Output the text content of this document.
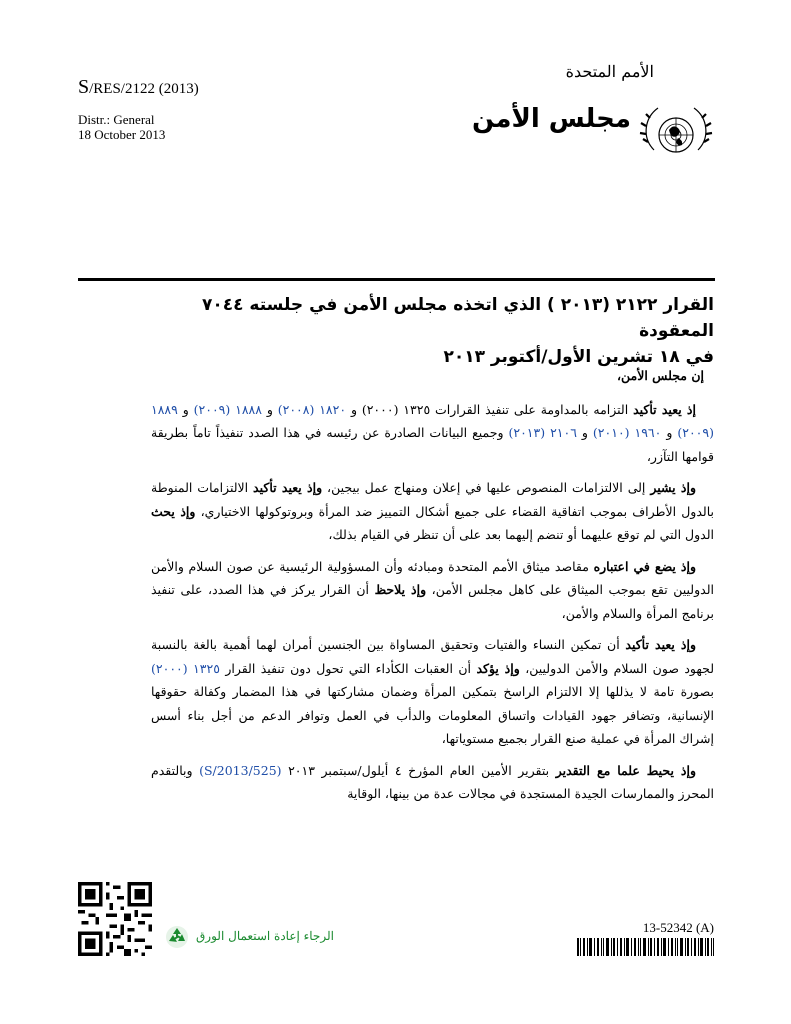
S/RES/2122 (2013)
Distr.: General
18 October 2013
الأمم المتحدة
مجلس الأمن
القرار ٢١٢٢ (٢٠١٣ ) الذي اتخذه مجلس الأمن في جلسته ٧٠٤٤ المعقودة
في ١٨ تشرين الأول/أكتوبر ٢٠١٣

إن مجلس الأمن،

إذ يعيد تأكيد التزامه بالمداومة على تنفيذ القرارات ١٣٢٥ (٢٠٠٠) و ١٨٢٠ (٢٠٠٨) و ١٨٨٨ (٢٠٠٩) و ١٨٨٩ (٢٠٠٩) و ١٩٦٠ (٢٠١٠) و ٢١٠٦ (٢٠١٣) وجميع البيانات الصادرة عن رئيسه في هذا الصدد تنفيذاً تاماً بطريقة قوامها التآزر،

وإذ يشير إلى الالتزامات المنصوص عليها في إعلان ومنهاج عمل بيجين، وإذ يعيد تأكيد الالتزامات المنوطة بالدول الأطراف بموجب اتفاقية القضاء على جميع أشكال التمييز ضد المرأة وبروتوكولها الاختياري، وإذ يحث الدول التي لم توقع عليهما أو تنضم إليهما بعد على أن تنظر في القيام بذلك،

وإذ يضع في اعتباره مقاصد ميثاق الأمم المتحدة ومبادئه وأن المسؤولية الرئيسية عن صون السلام والأمن الدوليين تقع بموجب الميثاق على كاهل مجلس الأمن، وإذ يلاحظ أن القرار يركز في هذا الصدد، على تنفيذ برنامج المرأة والسلام والأمن،

وإذ يعيد تأكيد أن تمكين النساء والفتيات وتحقيق المساواة بين الجنسين أمران لهما أهمية بالغة بالنسبة لجهود صون السلام والأمن الدوليين، وإذ يؤكد أن العقبات الكأداء التي تحول دون تنفيذ القرار ١٣٢٥ (٢٠٠٠) بصورة تامة لا يذللها إلا الالتزام الراسخ بتمكين المرأة وضمان مشاركتها في هذا المضمار وكفالة حقوقها الإنسانية، وتضافر جهود القيادات واتساق المعلومات والدأب في العمل وتوافر الدعم من أجل بناء أسس إشراك المرأة في عملية صنع القرار بجميع مستوياتها،

وإذ يحيط علما مع التقدير بتقرير الأمين العام المؤرخ ٤ أيلول/سبتمبر ٢٠١٣ (S/2013/525) وبالتقدم المحرز والممارسات الجيدة المستجدة في مجالات عدة من بينها، الوقاية

الرجاء إعادة استعمال الورق
13-52342 (A)
